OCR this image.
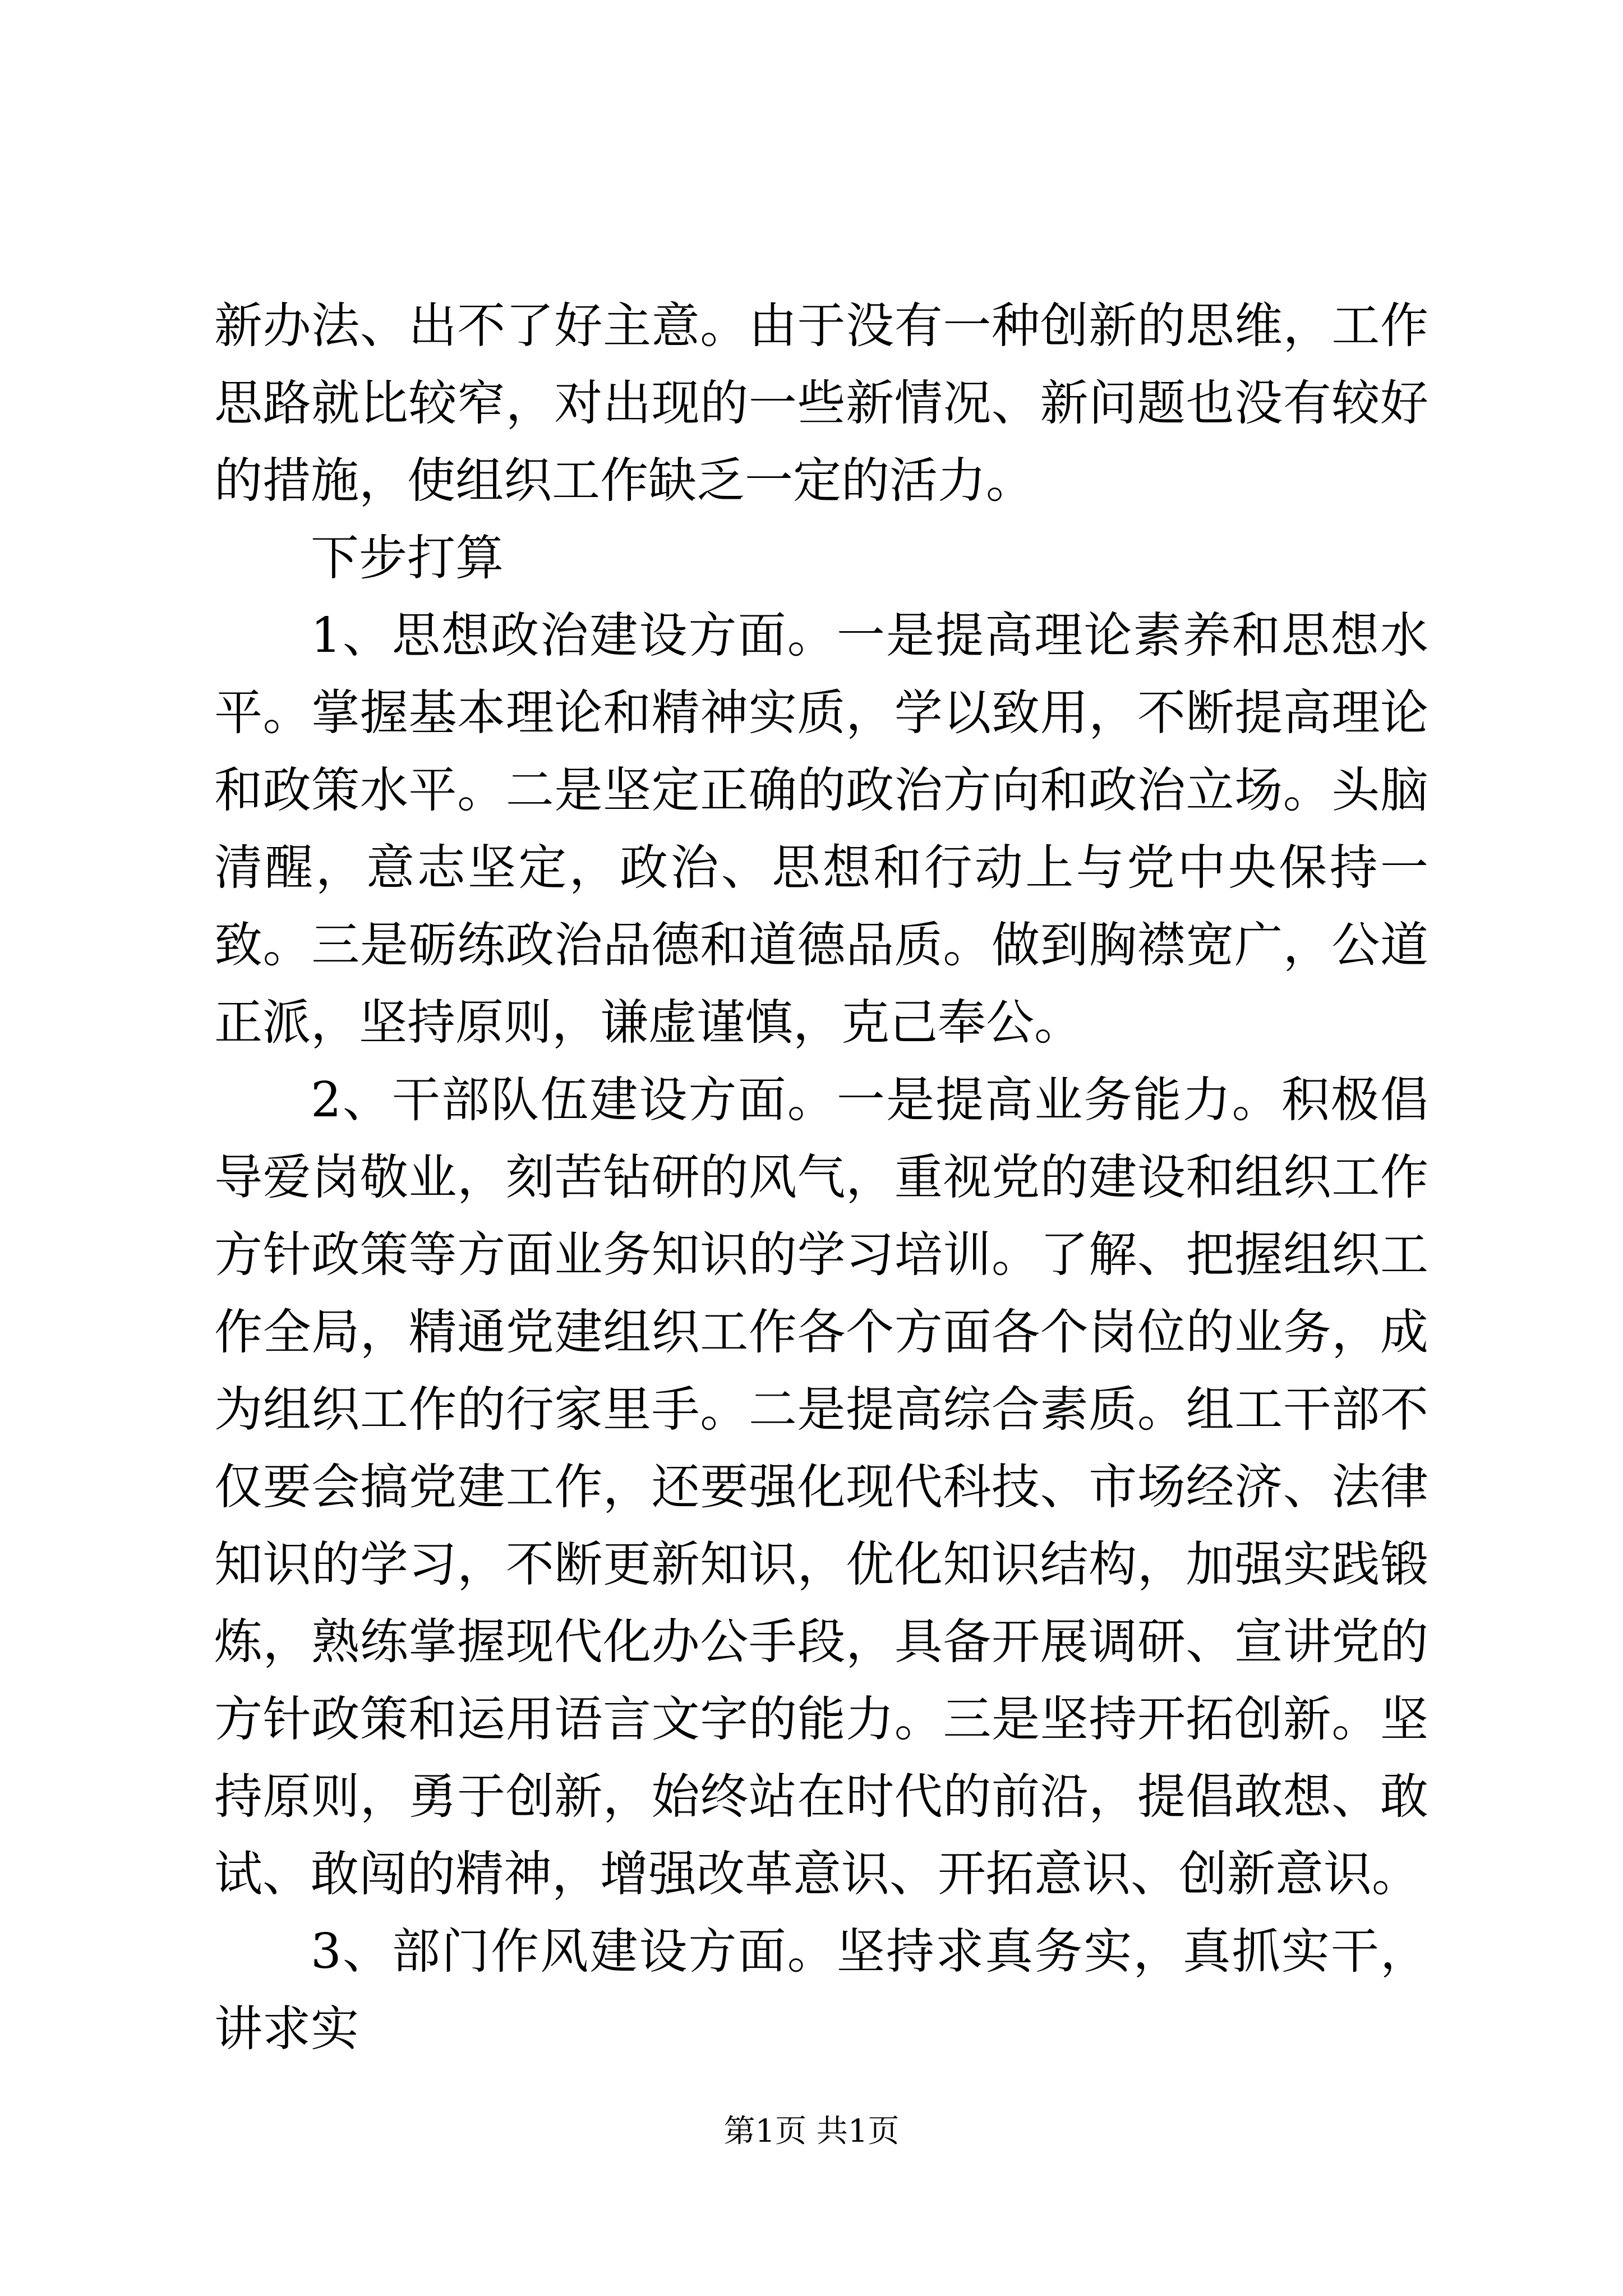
新办法、出不了好主意。由于没有一种创新的思维，工作思路就比较窄，对出现的一些新情况、新问题也没有较好的措施，使组织工作缺乏一定的活力。

下步打算

1、思想政治建设方面。一是提高理论素养和思想水平。掌握基本理论和精神实质，学以致用，不断提高理论和政策水平。二是坚定正确的政治方向和政治立场。头脑清醒，意志坚定，政治、思想和行动上与党中央保持一致。三是砺练政治品德和道德品质。做到胸襟宽广，公道正派，坚持原则，谦虚谨慎，克己奉公。

2、干部队伍建设方面。一是提高业务能力。积极倡导爱岗敬业，刻苦钻研的风气，重视党的建设和组织工作方针政策等方面业务知识的学习培训。了解、把握组织工作全局，精通党建组织工作各个方面各个岗位的业务，成为组织工作的行家里手。二是提高综合素质。组工干部不仅要会搞党建工作，还要强化现代科技、市场经济、法律知识的学习，不断更新知识，优化知识结构，加强实践锻炼，熟练掌握现代化办公手段，具备开展调研、宣讲党的方针政策和运用语言文字的能力。三是坚持开拓创新。坚持原则，勇于创新，始终站在时代的前沿，提倡敢想、敢试、敢闯的精神，增强改革意识、开拓意识、创新意识。

3、部门作风建设方面。坚持求真务实，真抓实干，讲求实

第1页 共1页
